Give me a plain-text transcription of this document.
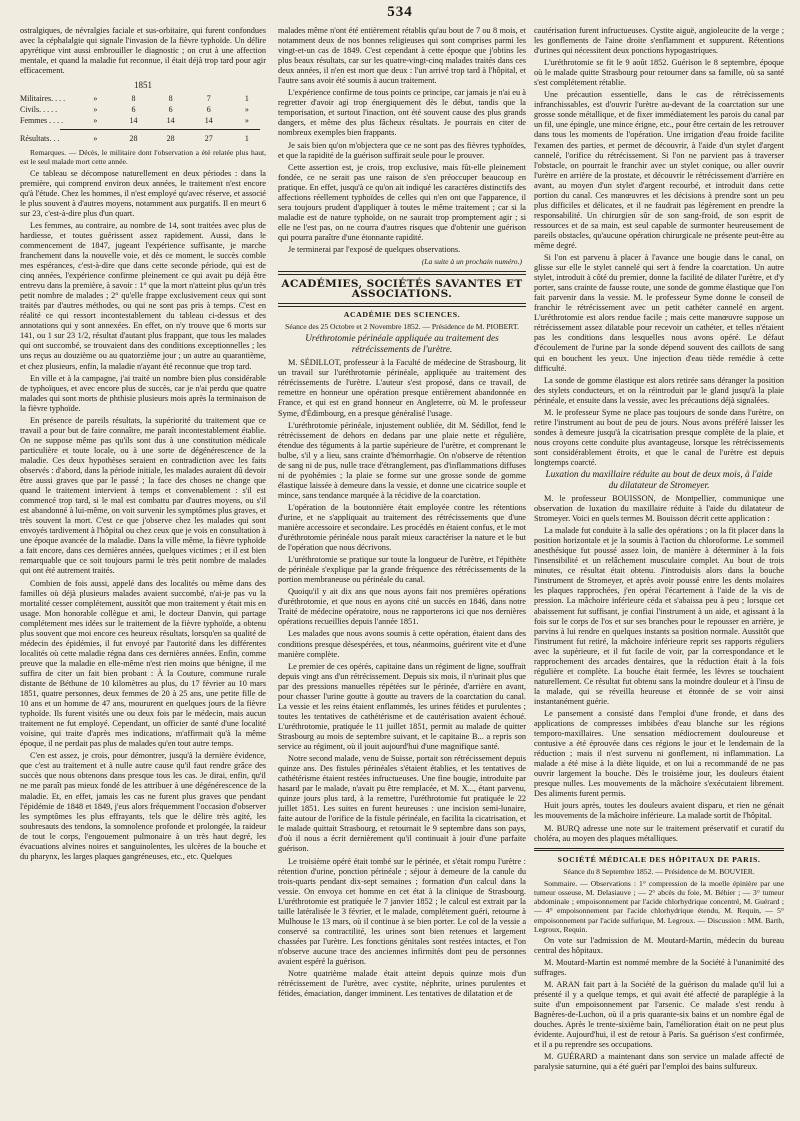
534

ostralgiques, de névralgies faciale et sus-orbitaire, qui furent confondues avec la céphalalgie qui signale l'invasion de la fièvre typhoïde. Un délire apyrétique vint aussi embrouiller le diagnostic ; on crut à une affection mentale, et quand la maladie fut reconnue, il était déjà trop tard pour agir efficacement.

1851
Militaires. . . .	»	8	8	7	1
Civils. . . . .	»	6	6	6	»
Femmes . . . .	»	14	14	14	»
Résultats. . .	»	28	28	27	1

Remarques. — Décès, le militaire dont l'observation a été relatée plus haut, est le seul malade mort cette année.

Ce tableau se décompose naturellement en deux périodes : dans la première, qui comprend environ deux années, le traitement n'est encore qu'à l'étude. Chez les hommes, il n'est employé qu'avec réserve, et associé le plus souvent à d'autres moyens, notamment aux purgatifs. Il en meurt 6 sur 23, c'est-à-dire plus d'un quart.

Les femmes, au contraire, au nombre de 14, sont traitées avec plus de hardiesse, et toutes guérissent assez rapidement. Aussi, dans le commencement de 1847, jugeant l'expérience suffisante, je marche franchement dans la nouvelle voie, et dès ce moment, le succès comble mes espérances, c'est-à-dire que dans cette seconde période, qui est de cinq années, l'expérience confirme pleinement ce qui avait pu déjà être entrevu dans la première, à savoir : 1° que la mort n'atteint plus qu'un très petit nombre de malades ; 2° qu'elle frappe exclusivement ceux qui sont traités par d'autres méthodes, ou qui ne sont pas pris à temps. C'est en réalité ce qui ressort incontestablement du tableau ci-dessus et des annotations qui y sont annexées. En effet, on n'y trouve que 6 morts sur 141, ou 1 sur 23 1/2, résultat d'autant plus frappant, que tous les malades qui ont succombé, se trouvaient dans des conditions exceptionnelles ; les uns reçus au douzième ou au quatorzième jour ; un autre au quarantième, et chez plusieurs, enfin, la maladie n'ayant été reconnue que trop tard.

En ville et à la campagne, j'ai traité un nombre bien plus considérable de typhoïques, et avec encore plus de succès, car je n'ai perdu que quatre malades qui sont morts de phthisie plusieurs mois après la terminaison de la fièvre typhoïde.

En présence de pareils résultats, la supériorité du traitement que ce travail a pour but de faire connaître, me paraît incontestablement établie. On ne suppose même pas qu'ils sont dus à une constitution médicale particulière et toute locale, ou à une sorte de dégénérescence de la maladie. Ces deux hypothèses seraient en contradiction avec les faits observés : d'abord, dans la période initiale, les malades auraient dû devoir être aussi graves que par le passé ; la face des choses ne change que quand le traitement intervient à temps et convenablement : s'il est commencé trop tard, si le mal est combattu par d'autres moyens, ou s'il est abandonné à lui-même, on voit survenir les symptômes plus graves, et très souvent la mort. C'est ce que j'observe chez les malades qui sont envoyés tardivement à l'hôpital ou chez ceux que je vois en consultation à une époque avancée de la maladie. Dans la ville même, la fièvre typhoïde a fait encore, dans ces dernières années, quelques victimes ; et il est bien remarquable que ce soit toujours parmi le très petit nombre de malades qui ont été autrement traités.

Combien de fois aussi, appelé dans des localités ou même dans des familles où déjà plusieurs malades avaient succombé, n'ai-je pas vu la mortalité cesser complétement, aussitôt que mon traitement y était mis en usage. Mon honorable collègue et ami, le docteur Danvin, qui partage complétement mes idées sur le traitement de la fièvre typhoïde, a obtenu plus souvent que moi encore ces heureux résultats, lorsqu'en sa qualité de médecin des épidémies, il fut envoyé par l'autorité dans les différentes localités où cette maladie régna dans ces dernières années. Enfin, comme preuve que la maladie en elle-même n'est rien moins que bénigne, il me suffira de citer un fait bien probant : À la Couture, commune rurale distante de Béthune de 10 kilomètres au plus, du 17 février au 10 mars 1851, quatre personnes, deux femmes de 20 à 25 ans, une petite fille de 10 ans et un homme de 47 ans, moururent en quelques jours de la fièvre typhoïde. Ils furent visités une ou deux fois par le médecin, mais aucun traitement ne fut employé. Cependant, un officier de santé d'une localité voisine, qui traite d'après mes indications, m'affirmait qu'à la même époque, il ne perdait pas plus de malades qu'en tout autre temps.

C'en est assez, je crois, pour démontrer, jusqu'à la dernière évidence, que c'est au traitement et à nulle autre cause qu'il faut rendre grâce des succès que nous obtenons dans presque tous les cas. Je dirai, enfin, qu'il ne me paraît pas mieux fondé de les attribuer à une dégénérescence de la maladie. Et, en effet, jamais les cas ne furent plus graves que pendant l'épidémie de 1848 et 1849, j'eus alors fréquemment l'occasion d'observer les symptômes les plus effrayants, tels que le délire très agité, les soubresauts des tendons, la somnolence profonde et prolongée, la raideur de tout le corps, l'engouement pulmonaire à un très haut degré, les évacuations alvines noires et sanguinolentes, les ulcères de la bouche et du pharynx, les larges plaques gangréneuses, etc., etc. Quelques

malades même n'ont été entièrement rétablis qu'au bout de 7 ou 8 mois, et notamment deux de nos bonnes religieuses qui sont comprises parmi les vingt-et-un cas de 1849. C'est cependant à cette époque que j'obtins les plus beaux résultats, car sur les quatre-vingt-cinq malades traités dans ces deux années, il n'en est mort que deux : l'un arrivé trop tard à l'hôpital, et l'autre sans avoir été soumis à aucun traitement.

L'expérience confirme de tous points ce principe, car jamais je n'ai eu à regretter d'avoir agi trop énergiquement dès le début, tandis que la temporisation, et surtout l'inaction, ont été souvent cause des plus grands dangers, et même des plus fâcheux résultats. Je pourrais en citer de nombreux exemples bien frappants.

Je sais bien qu'on m'objectera que ce ne sont pas des fièvres typhoïdes, et que la rapidité de la guérison suffirait seule pour le prouver.

Cette assertion est, je crois, trop exclusive, mais fût-elle pleinement fondée, ce ne serait pas une raison de s'en préoccuper beaucoup en pratique. En effet, jusqu'à ce qu'on ait indiqué les caractères distinctifs des affections réellement typhoïdes de celles qui n'en ont que l'apparence, il sera toujours prudent d'appliquer à toutes le même traitement ; car si la maladie est de nature typhoïde, on ne saurait trop promptement agir ; si elle ne l'est pas, on ne courra d'autres risques que d'obtenir une guérison qui pourra paraître d'une étonnante rapidité.

Je terminerai par l'exposé de quelques observations.

(La suite à un prochain numéro.)
ACADÉMIES, SOCIÉTÉS SAVANTES ET ASSOCIATIONS.
ACADÉMIE DES SCIENCES.
Séance des 25 Octobre et 2 Novembre 1852. — Présidence de M. PIOBERT.
Uréthrotomie périnéale appliquée au traitement des rétrécissements de l'urètre.

M. SÉDILLOT, professeur à la Faculté de médecine de Strasbourg, lit un travail sur l'uréthrotomie périnéale, appliquée au traitement des rétrécissements de l'urètre. L'auteur s'est proposé, dans ce travail, de remettre en honneur une opération presque entièrement abandonnée en France, et qui est en grand honneur en Angleterre, où M. le professeur Syme, d'Édimbourg, en a presque généralisé l'usage.

L'uréthrotomie périnéale, injustement oubliée, dit M. Sédillot, fend le rétrécissement de dehors en dedans par une plaie nette et régulière, étendue des téguments à la partie supérieure de l'urètre, et comprenant le bulbe, s'il y a lieu, sans crainte d'hémorrhagie. On n'observe de rétention de sang ni de pus, nulle trace d'étranglement, pas d'inflammations diffuses ni de pyohémies ; la plaie se forme sur une grosse sonde de gomme élastique laissée à demeure dans la vessie, et donne une cicatrice souple et mince, sans tendance marquée à la récidive de la coarctation.

L'opération de la boutonnière était employée contre les rétentions d'urine, et ne s'appliquait au traitement des rétrécissements que d'une manière accessoire et secondaire. Les procédés en étaient confus, et le mot d'uréthrotomie périnéale nous paraît mieux caractériser la nature et le but de l'opération que nous décrivons.

L'uréthrotomie se pratique sur toute la longueur de l'urètre, et l'épithète de périnéale s'explique par la grande fréquence des rétrécissements de la portion membraneuse ou périnéale du canal.

Quoiqu'il y ait dix ans que nous ayons fait nos premières opérations d'uréthrotomie, et que nous en ayons cité un succès en 1846, dans notre Traité de médecine opératoire, nous ne rapporterons ici que nos dernières opérations recueillies depuis l'année 1851.

Les malades que nous avons soumis à cette opération, étaient dans des conditions presque désespérées, et tous, néanmoins, guérirent vite et d'une manière complète.

Le premier de ces opérés, capitaine dans un régiment de ligne, souffrait depuis vingt ans d'un rétrécissement. Depuis six mois, il n'urinait plus que par des pressions manuelles répétées sur le périnée, d'arrière en avant, pour chasser l'urine goutte à goutte au travers de la coarctation du canal. La vessie et les reins étaient enflammés, les urines fétides et purulentes ; toutes les tentatives de cathétérisme et de cautérisation avaient échoué. L'uréthrotomie, pratiquée le 11 juillet 1851, permit au malade de quitter Strasbourg au mois de septembre suivant, et le capitaine B... a repris son service au régiment, où il jouit aujourd'hui d'une magnifique santé.

Notre second malade, venu de Suisse, portait son rétrécissement depuis quinze ans. Des fistules périnéales s'étaient établies, et les tentatives de cathétérisme étaient restées infructueuses. Une fine bougie, introduite par hasard par le malade, n'avait pu être remplacée, et M. X..., étant parvenu, quinze jours plus tard, à la remettre, l'uréthrotomie fut pratiquée le 22 juillet 1851. Les suites en furent heureuses : une incision semi-lunaire, faite autour de l'orifice de la fistule périnéale, en facilita la cicatrisation, et le malade quittait Strasbourg, et retournait le 9 septembre dans son pays, d'où il nous a écrit dernièrement qu'il continuait à jouir d'une parfaite guérison.

Le troisième opéré était tombé sur le périnée, et s'était rompu l'urètre : rétention d'urine, ponction périnéale ; séjour à demeure de la canule du trois-quarts pendant dix-sept semaines ; formation d'un calcul dans la vessie. On envoya cet homme en cet état à la clinique de Strasbourg. L'uréthrotomie est pratiquée le 7 janvier 1852 ; le calcul est extrait par la taille latéralisée le 3 février, et le malade, complétement guéri, retourne à Mulhouse le 13 mars, où il continue à se bien porter. Le col de la vessie a conservé sa contractilité, les urines sont bien retenues et largement chassées par l'urètre. Les fonctions génitales sont restées intactes, et l'on n'observe aucune trace des anciennes infirmités dont peu de personnes avaient espéré la guérison.

Notre quatrième malade était atteint depuis quinze mois d'un rétrécissement de l'urètre, avec cystite, néphrite, urines purulentes et fétides, émaciation, danger imminent. Les tentatives de dilatation et de

cautérisation furent infructueuses. Cystite aiguë, angioleucite de la verge ; les gonflements de l'aine droite s'enflamment et suppurent. Rétentions d'urines qui nécessitent deux ponctions hypogastriques.

L'uréthrotomie se fit le 9 août 1852. Guérison le 8 septembre, époque où le malade quitte Strasbourg pour retourner dans sa famille, où sa santé s'est complétement rétablie.

Une précaution essentielle, dans le cas de rétrécissements infranchissables, est d'ouvrir l'urètre au-devant de la coarctation sur une grosse sonde métallique, et de fixer immédiatement les parois du canal par un fil, une épingle, une mince érigne, etc., pour être certain de les retrouver dans tous les moments de l'opération. Une irrigation d'eau froide facilite l'examen des parties, et permet de découvrir, à l'aide d'un stylet d'argent cannelé, l'orifice du rétrécissement. Si l'on ne parvient pas à traverser l'obstacle, on pourrait le franchir avec un stylet conique, ou aller ouvrir l'urètre en arrière de la prostate, et découvrir le rétrécissement d'arrière en avant, au moyen d'un stylet d'argent recourbé, et introduit dans cette portion du canal. Ces manœuvres et les décisions à prendre sont un peu plus difficiles et délicates, et il ne faudrait pas légèrement en prendre la responsabilité. Un chirurgien sûr de son sang-froid, de son esprit de ressources et de sa main, est seul capable de surmonter heureusement de pareils obstacles, qu'aucune opération chirurgicale ne présente peut-être au même degré.

Si l'on est parvenu à placer à l'avance une bougie dans le canal, on glisse sur elle le stylet cannelé qui sert à fendre la coarctation. Un autre stylet, introduit à côté du premier, donne la facilité de dilater l'urètre, et d'y porter, sans crainte de fausse route, une sonde de gomme élastique que l'on fait parvenir dans la vessie. M. le professeur Syme donne le conseil de franchir le rétrécissement avec un petit cathéter cannelé en argent. L'uréthrotomie est alors rendue facile ; mais cette manœuvre suppose un rétrécissement assez dilatable pour recevoir un cathéter, et telles n'étaient pas les conditions dans lesquelles nous avons opéré. Le défaut d'écoulement de l'urine par la sonde dépend souvent des caillots de sang qui en bouchent les yeux. Une injection d'eau tiède remédie à cette difficulté.

La sonde de gomme élastique est alors retirée sans déranger la position des stylets conducteurs, et on la réintroduit par le gland jusqu'à la plaie périnéale, et ensuite dans la vessie, avec les précautions déjà signalées.

M. le professeur Syme ne place pas toujours de sonde dans l'urètre, on retire l'instrument au bout de peu de jours. Nous avons préféré laisser les sondes à demeure jusqu'à la cicatrisation presque complète de la plaie, et nous croyons cette conduite plus avantageuse, lorsque les rétrécissements sont considérablement étroits, et que le canal de l'urètre est depuis longtemps coarcté.

Luxation du maxillaire réduite au bout de deux mois, à l'aide du dilatateur de Stromeyer.

M. le professeur BOUISSON, de Montpellier, communique une observation de luxation du maxillaire réduite à l'aide du dilatateur de Stromeyer. Voici en quels termes M. Bouisson décrit cette application :

La malade fut conduite à la salle des opérations ; on la fit placer dans la position horizontale et je la soumis à l'action du chloroforme. Le sommeil anesthésique fut poussé assez loin, de manière à déterminer à la fois l'insensibilité et un relâchement musculaire complet. Au bout de trois minutes, ce résultat était obtenu. J'introduisis alors dans la bouche l'instrument de Stromeyer, et après avoir poussé entre les dents molaires les plaques rapprochées, j'en opérai l'écartement à l'aide de la vis de pression. La mâchoire inférieure céda et s'abaissa peu à peu ; lorsque cet abaissement fut suffisant, je confiai l'instrument à un aide, et agissant à la fois sur le corps de l'os et sur ses branches pour le repousser en arrière, je parvins à lui rendre en quelques instants sa position normale. Aussitôt que l'instrument fut retiré, la mâchoire inférieure reprit ses rapports réguliers avec la supérieure, et il fut facile de voir, par la correspondance et le rapprochement des arcades dentaires, que la réduction était à la fois régulière et complète. La bouche était fermée, les lèvres se touchaient naturellement. Ce résultat fut obtenu sans la moindre douleur et à l'insu de la malade, qui se réveilla heureuse et étonnée de se voir ainsi instantanément guérie.

Le pansement a consisté dans l'emploi d'une fronde, et dans des applications de compresses imbibées d'eau blanche sur les régions temporo-maxillaires. Une sensation médiocrement douloureuse et contusive a été éprouvée dans ces régions le jour et le lendemain de la réduction ; mais il n'est survenu ni gonflement, ni inflammation. La malade a été mise à la diète liquide, et on lui a recommandé de ne pas ouvrir largement la bouche. Dès le troisième jour, les douleurs étaient presque nulles. Les mouvements de la mâchoire s'exécutaient librement. Des aliments furent permis.

Huit jours après, toutes les douleurs avaient disparu, et rien ne génait les mouvements de la mâchoire inférieure. La malade sortit de l'hôpital.

M. BURQ adresse une note sur le traitement préservatif et curatif du choléra, au moyen des plaques métalliques.

SOCIÉTÉ MÉDICALE DES HÔPITAUX DE PARIS.
Séance du 8 Septembre 1852. — Présidence de M. BOUVIER.

Sommaire. — Observations : 1° compression de la moelle épinière par une tumeur osseuse, M. Delasiauve ; — 2° abcès du foie, M. Béhier ; — 3° tumeur abdominale ; empoisonnement par l'acide chlorhydrique concentré, M. Guérard ; — 4° empoisonnement par l'acide chlorhydrique étendu, M. Requin, — 5° empoisonnement par l'acide sulfurique, M. Legroux. — Discussion : MM. Barth, Legroux, Requin.

On vote sur l'admission de M. Moutard-Martin, médecin du bureau central des hôpitaux.

M. Moutard-Martin est nommé membre de la Société à l'unanimité des suffrages.

M. ARAN fait part à la Société de la guérison du malade qu'il lui a présenté il y a quelque temps, et qui avait été affecté de paraplégie à la suite d'un empoisonnement par l'arsenic. Ce malade s'est rendu à Bagnères-de-Luchon, où il a pris quarante-six bains et un nombre égal de douches. Après le trente-sixième bain, l'amélioration était on ne peut plus évidente. Aujourd'hui, il est de retour à Paris. Sa guérison s'est confirmée, et il a pu reprendre ses occupations.

M. GUÉRARD a maintenant dans son service un malade affecté de paralysie saturnine, qui a été guéri par l'emploi des bains sulfureux.
